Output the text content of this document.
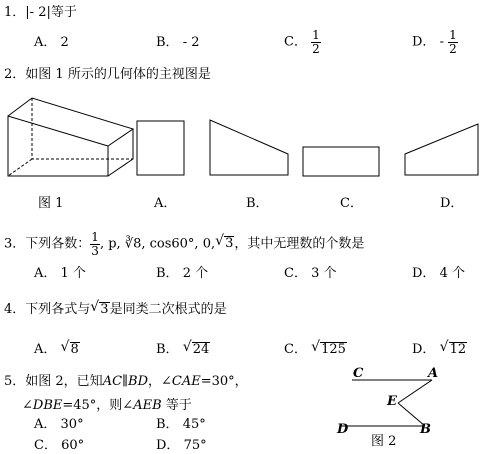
1．|- 2|等于
A． 2	B． - 2	C． $\frac{1}{2}$	D． - $\frac{1}{2}$
2．如图 1 所示的几何体的主视图是
图 1	A．	B．	C．	D．
3．下列各数： $\frac{1}{3}$ , p, ∛8, cos60°, 0, √ 3，其中无理数的个数是
A． 1 个	B． 2 个	C． 3 个	D． 4 个
4．下列各式与 √ 3是同类二次根式的是
A． √ 8	B． √ 24	C． √ 125	D． √ 12
5．如图 2，已知AC∥BD，∠CAE=30°，
∠DBE=45°，则∠AEB 等于
A． 30°	B． 45°
C． 60°	D． 75°
C	A
E
D	B
图 2
